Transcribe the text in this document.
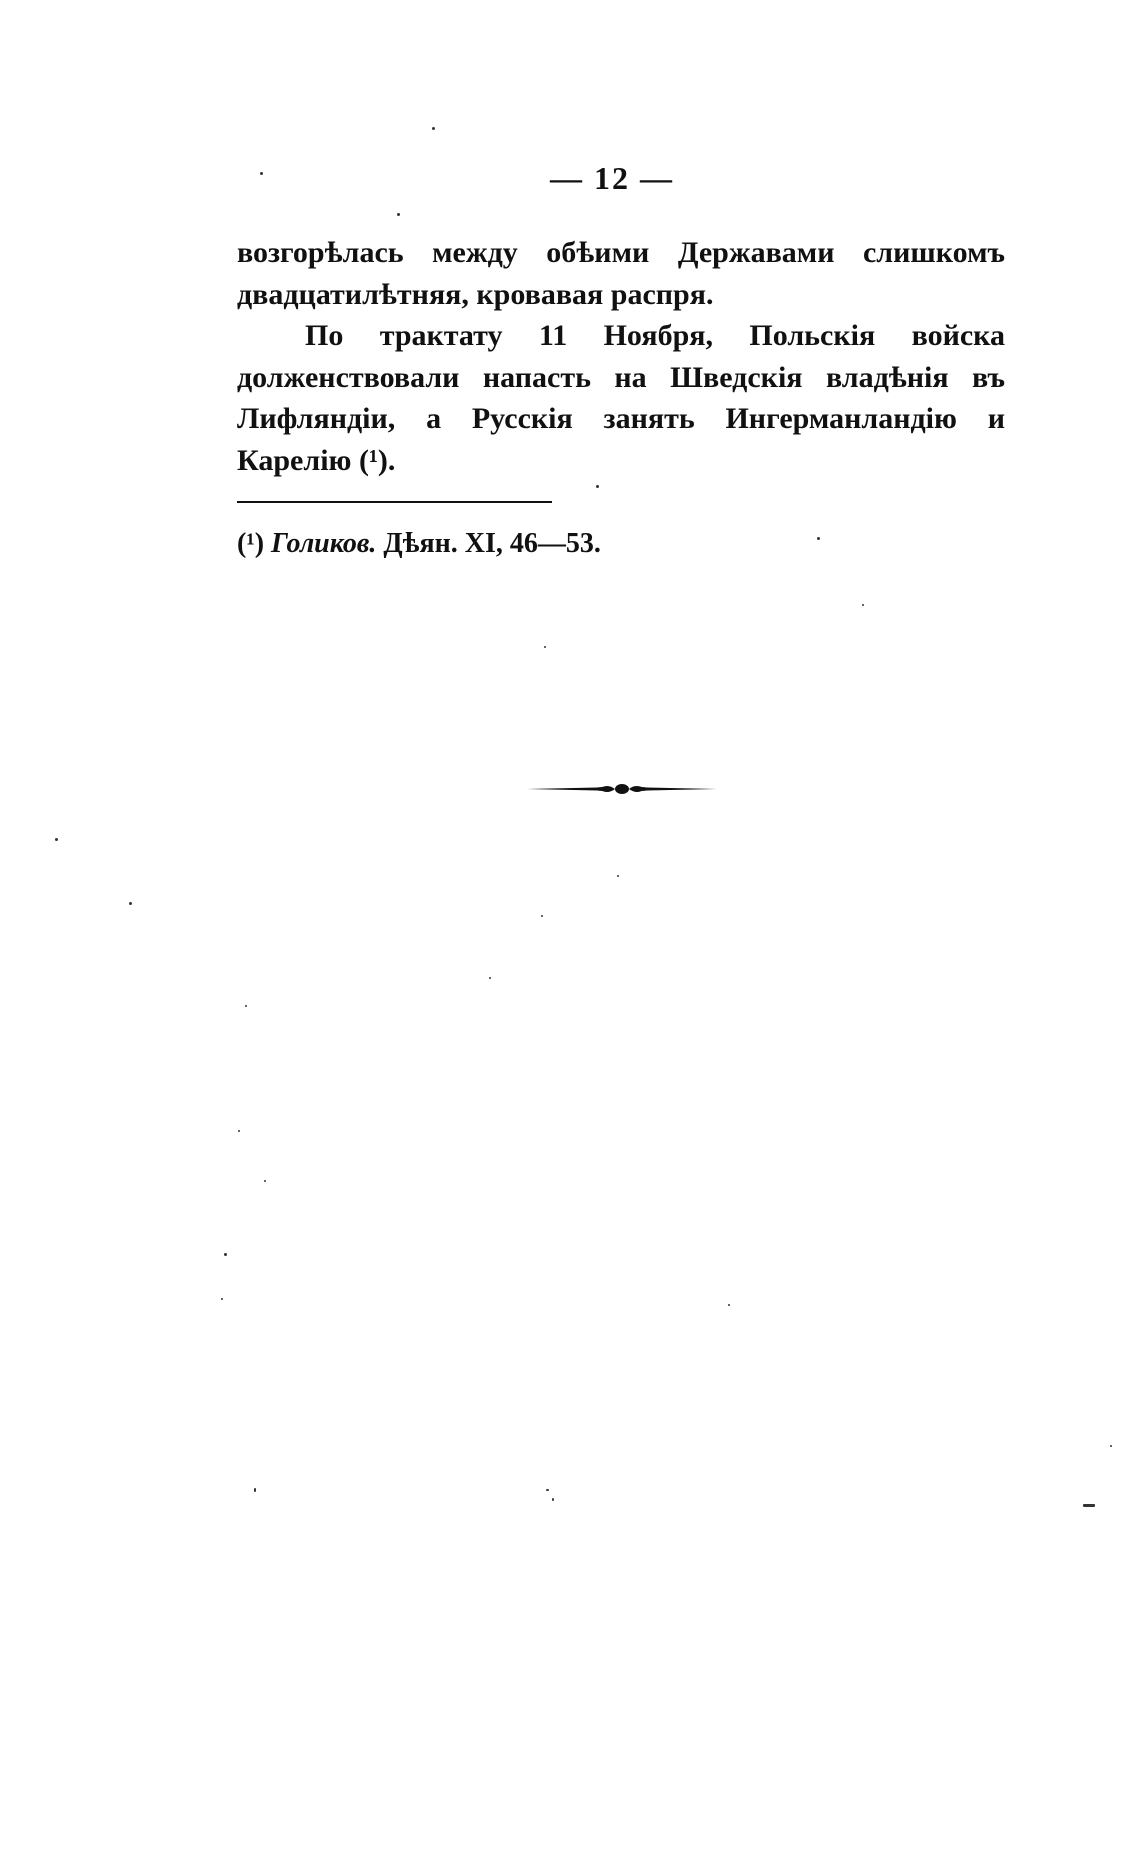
— 12 —

возгорѣлась между обѣими Державами слишкомъ двадцатилѣтняя, кровавая распря.

По трактату 11 Ноября, Польскія войска долженствовали напасть на Шведскія владѣнія въ Лифляндіи, а Русскія занять Ингерманландію и Карелію (¹).

(¹) Голиков. Дѣян. XI, 46—53.
